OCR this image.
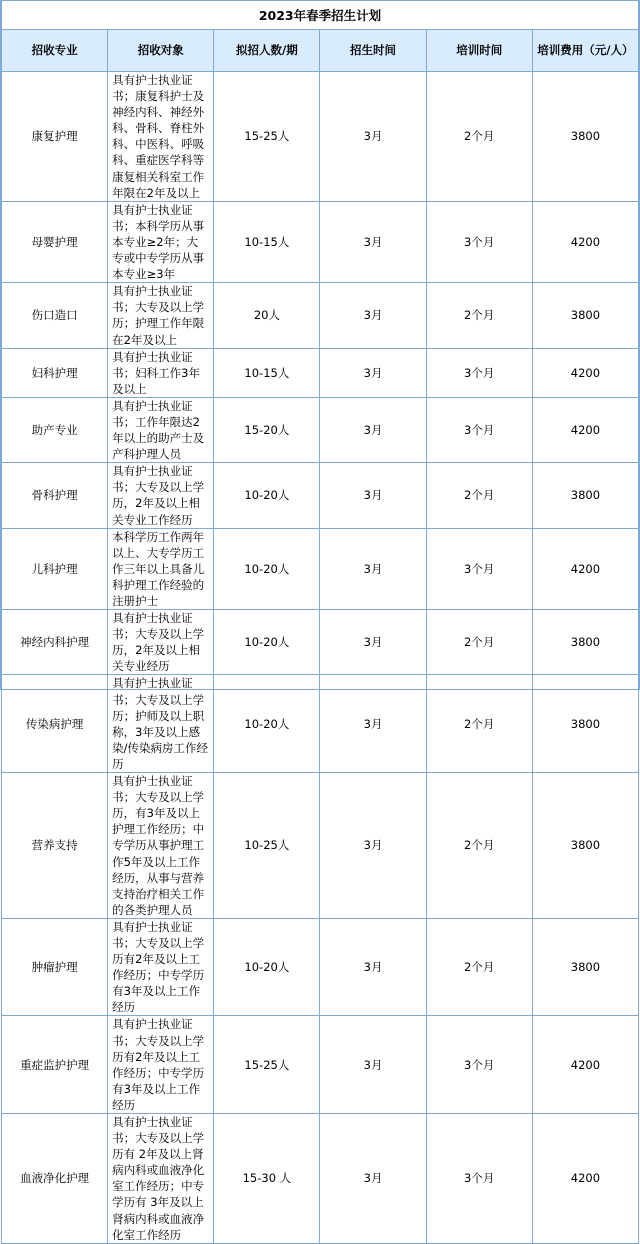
2023年春季招生计划					
招收专业	招收对象	拟招人数/期	招生时间	培训时间	培训费用（元/人）
康复护理	具有护士执业证书；康复科护士及神经内科、神经外科、骨科、脊柱外科、中医科、呼吸科、重症医学科等康复相关科室工作年限在2年及以上	15-25人	3月	2个月	3800
母婴护理	具有护士执业证书；本科学历从事本专业≥2年；大专或中专学历从事本专业≥3年	10-15人	3月	3个月	4200
伤口造口	具有护士执业证书；大专及以上学历；护理工作年限在2年及以上	20人	3月	2个月	3800
妇科护理	具有护士执业证书；妇科工作3年及以上	10-15人	3月	3个月	4200
助产专业	具有护士执业证书；工作年限达2年以上的助产士及产科护理人员	15-20人	3月	3个月	4200
骨科护理	具有护士执业证书；大专及以上学历，2年及以上相关专业工作经历	10-20人	3月	2个月	3800
儿科护理	本科学历工作两年以上、大专学历工作三年以上具备儿科护理工作经验的注册护士	10-20人	3月	3个月	4200
神经内科护理	具有护士执业证书；大专及以上学历，2年及以上相关专业经历	10-20人	3月	2个月	3800
传染病护理	具有护士执业证书；大专及以上学历；护师及以上职称，3年及以上感染/传染病房工作经历	10-20人	3月	2个月	3800
营养支持	具有护士执业证书；大专及以上学历，有3年及以上护理工作经历；中专学历从事护理工作5年及以上工作经历，从事与营养支持治疗相关工作的各类护理人员	10-25人	3月	2个月	3800
肿瘤护理	具有护士执业证书；大专及以上学历有2年及以上工作经历；中专学历有3年及以上工作经历	10-20人	3月	2个月	3800
重症监护护理	具有护士执业证书；大专及以上学历有2年及以上工作经历；中专学历有3年及以上工作经历	15-25人	3月	3个月	4200
血液净化护理	具有护士执业证书；大专及以上学历有 2年及以上肾病内科或血液净化室工作经历；中专学历有 3年及以上肾病内科或血液净化室工作经历	15-30 人	3月	3个月	4200
